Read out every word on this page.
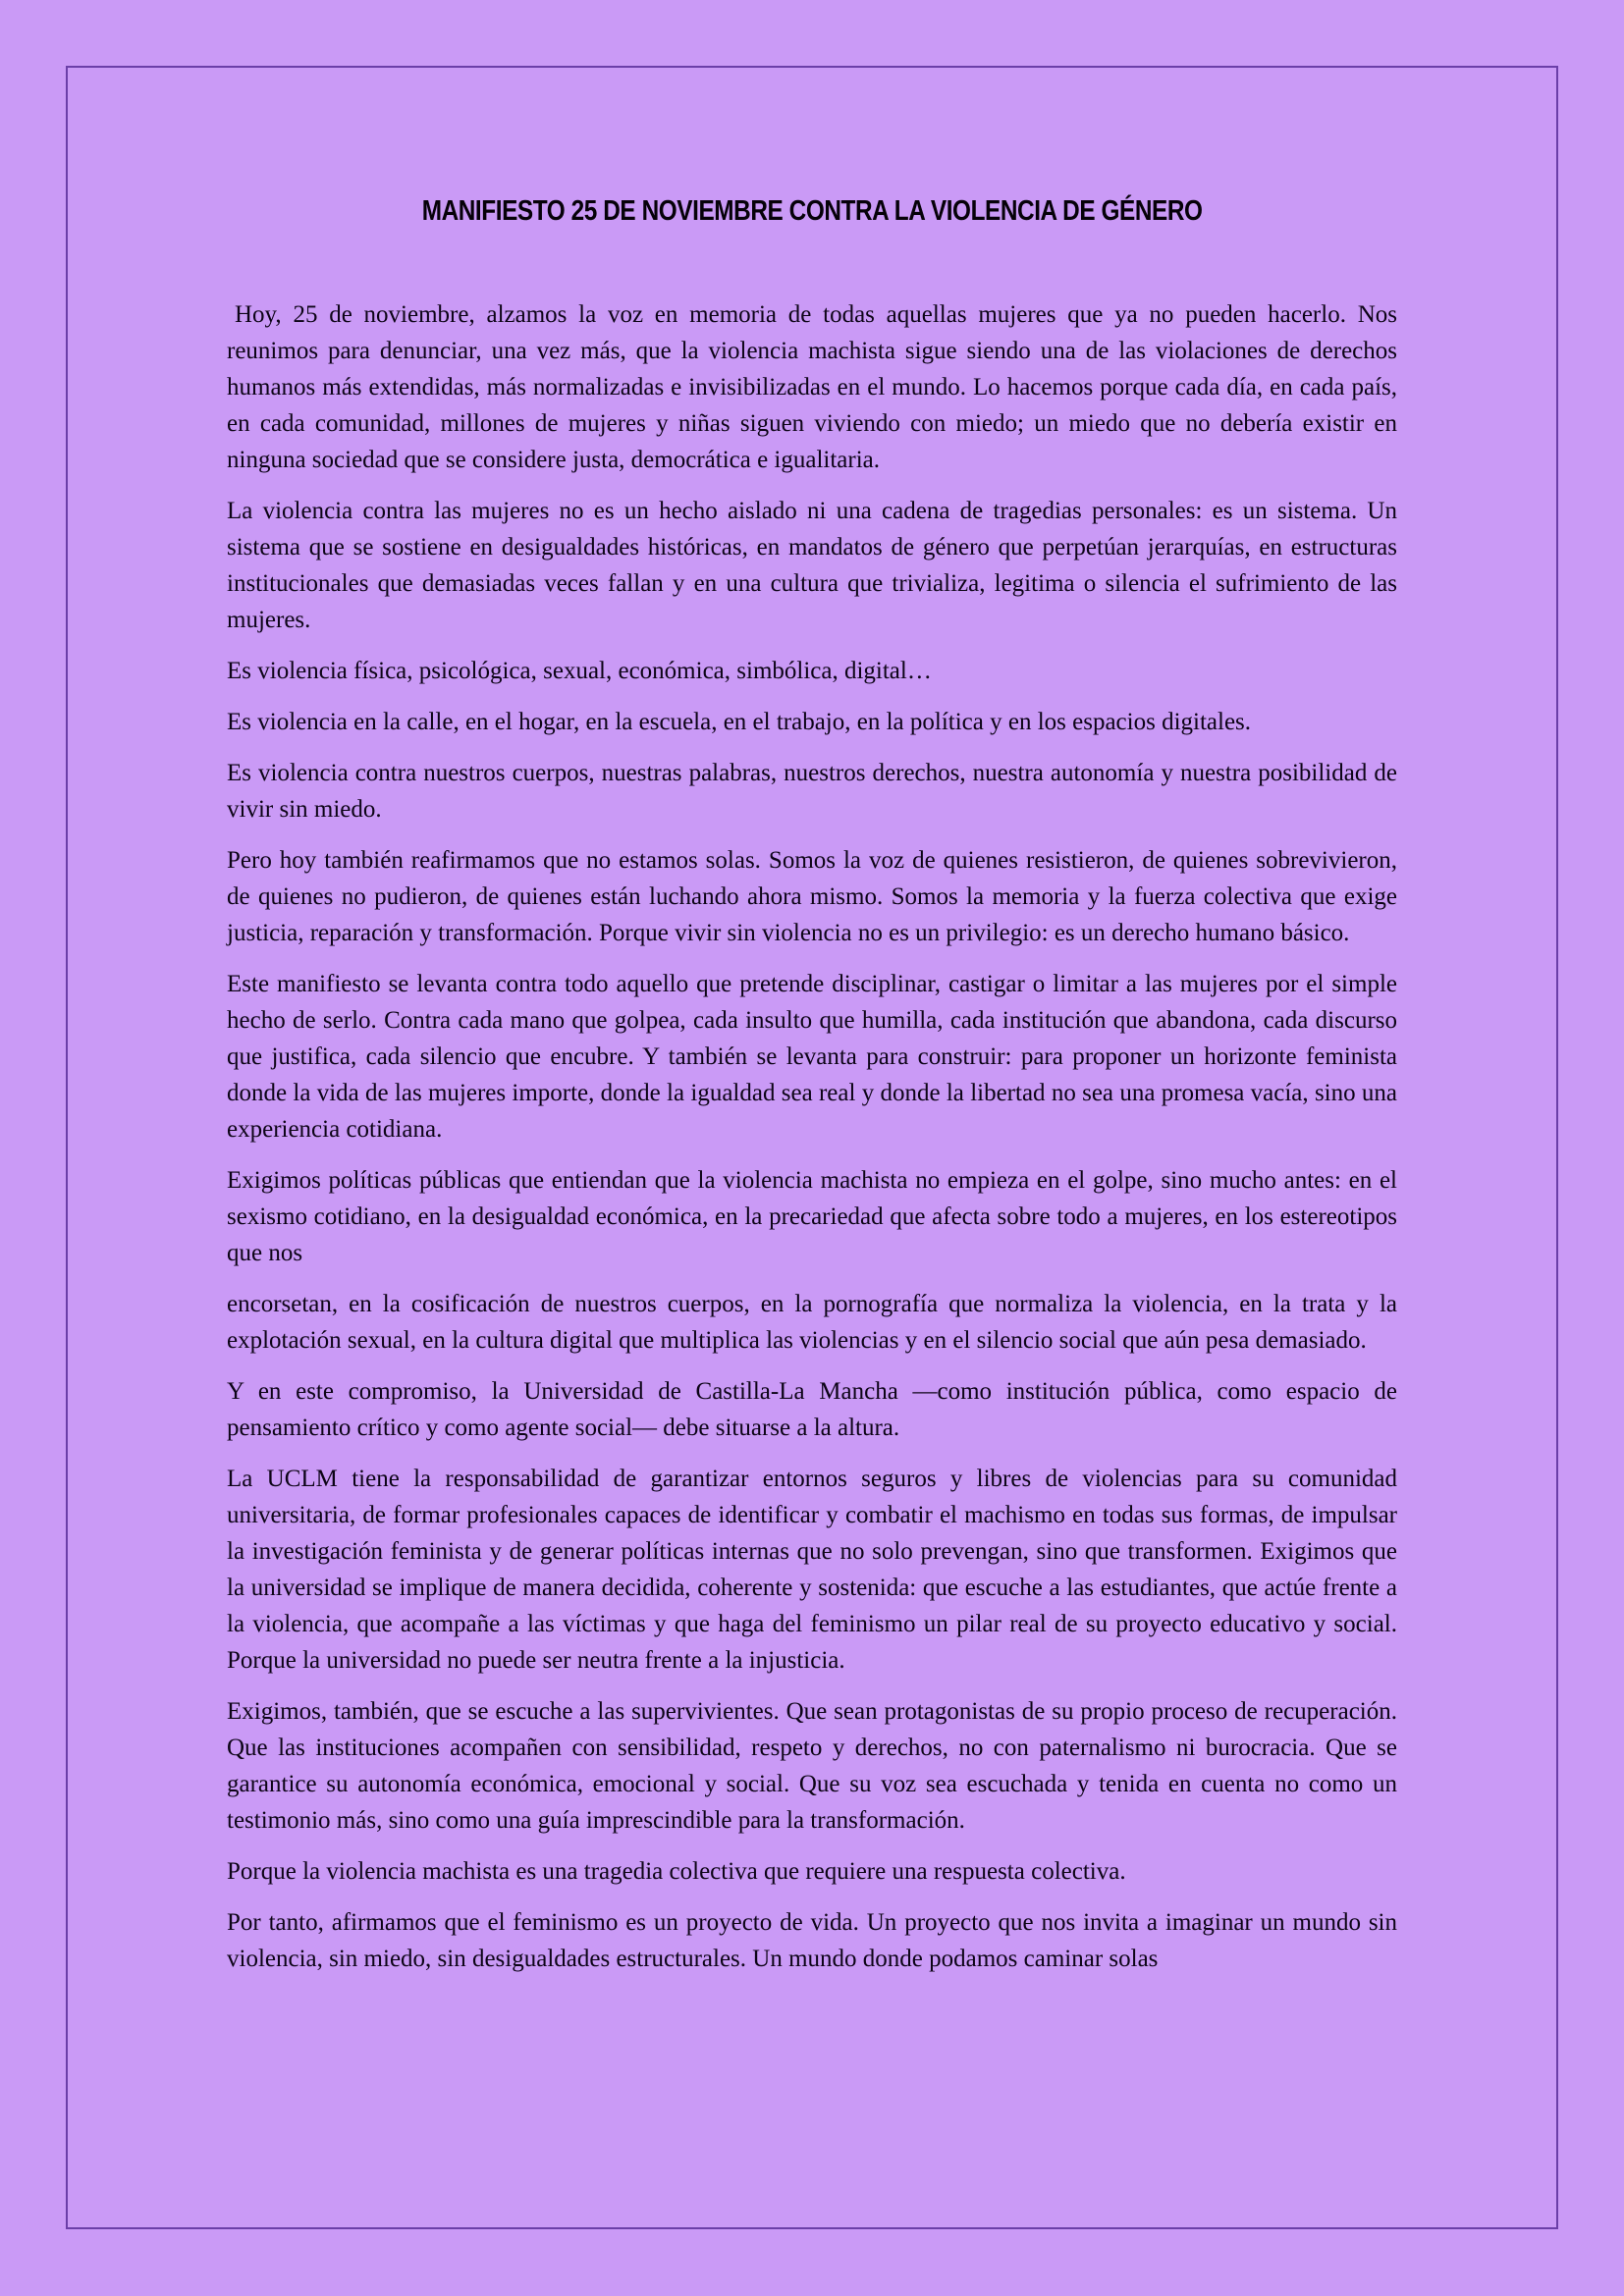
MANIFIESTO 25 DE NOVIEMBRE CONTRA LA VIOLENCIA DE GÉNERO

Hoy, 25 de noviembre, alzamos la voz en memoria de todas aquellas mujeres que ya no pueden hacerlo. Nos reunimos para denunciar, una vez más, que la violencia machista sigue siendo una de las violaciones de derechos humanos más extendidas, más normalizadas e invisibilizadas en el mundo. Lo hacemos porque cada día, en cada país, en cada comunidad, millones de mujeres y niñas siguen viviendo con miedo; un miedo que no debería existir en ninguna sociedad que se considere justa, democrática e igualitaria.

La violencia contra las mujeres no es un hecho aislado ni una cadena de tragedias personales: es un sistema. Un sistema que se sostiene en desigualdades históricas, en mandatos de género que perpetúan jerarquías, en estructuras institucionales que demasiadas veces fallan y en una cultura que trivializa, legitima o silencia el sufrimiento de las mujeres.

Es violencia física, psicológica, sexual, económica, simbólica, digital…

Es violencia en la calle, en el hogar, en la escuela, en el trabajo, en la política y en los espacios digitales.

Es violencia contra nuestros cuerpos, nuestras palabras, nuestros derechos, nuestra autonomía y nuestra posibilidad de vivir sin miedo.

Pero hoy también reafirmamos que no estamos solas. Somos la voz de quienes resistieron, de quienes sobrevivieron, de quienes no pudieron, de quienes están luchando ahora mismo. Somos la memoria y la fuerza colectiva que exige justicia, reparación y transformación. Porque vivir sin violencia no es un privilegio: es un derecho humano básico.

Este manifiesto se levanta contra todo aquello que pretende disciplinar, castigar o limitar a las mujeres por el simple hecho de serlo. Contra cada mano que golpea, cada insulto que humilla, cada institución que abandona, cada discurso que justifica, cada silencio que encubre. Y también se levanta para construir: para proponer un horizonte feminista donde la vida de las mujeres importe, donde la igualdad sea real y donde la libertad no sea una promesa vacía, sino una experiencia cotidiana.

Exigimos políticas públicas que entiendan que la violencia machista no empieza en el golpe, sino mucho antes: en el sexismo cotidiano, en la desigualdad económica, en la precariedad que afecta sobre todo a mujeres, en los estereotipos que nos

encorsetan, en la cosificación de nuestros cuerpos, en la pornografía que normaliza la violencia, en la trata y la explotación sexual, en la cultura digital que multiplica las violencias y en el silencio social que aún pesa demasiado.

Y en este compromiso, la Universidad de Castilla-La Mancha —como institución pública, como espacio de pensamiento crítico y como agente social— debe situarse a la altura.

La UCLM tiene la responsabilidad de garantizar entornos seguros y libres de violencias para su comunidad universitaria, de formar profesionales capaces de identificar y combatir el machismo en todas sus formas, de impulsar la investigación feminista y de generar políticas internas que no solo prevengan, sino que transformen. Exigimos que la universidad se implique de manera decidida, coherente y sostenida: que escuche a las estudiantes, que actúe frente a la violencia, que acompañe a las víctimas y que haga del feminismo un pilar real de su proyecto educativo y social. Porque la universidad no puede ser neutra frente a la injusticia.

Exigimos, también, que se escuche a las supervivientes. Que sean protagonistas de su propio proceso de recuperación. Que las instituciones acompañen con sensibilidad, respeto y derechos, no con paternalismo ni burocracia. Que se garantice su autonomía económica, emocional y social. Que su voz sea escuchada y tenida en cuenta no como un testimonio más, sino como una guía imprescindible para la transformación.

Porque la violencia machista es una tragedia colectiva que requiere una respuesta colectiva.

Por tanto, afirmamos que el feminismo es un proyecto de vida. Un proyecto que nos invita a imaginar un mundo sin violencia, sin miedo, sin desigualdades estructurales. Un mundo donde podamos caminar solas
